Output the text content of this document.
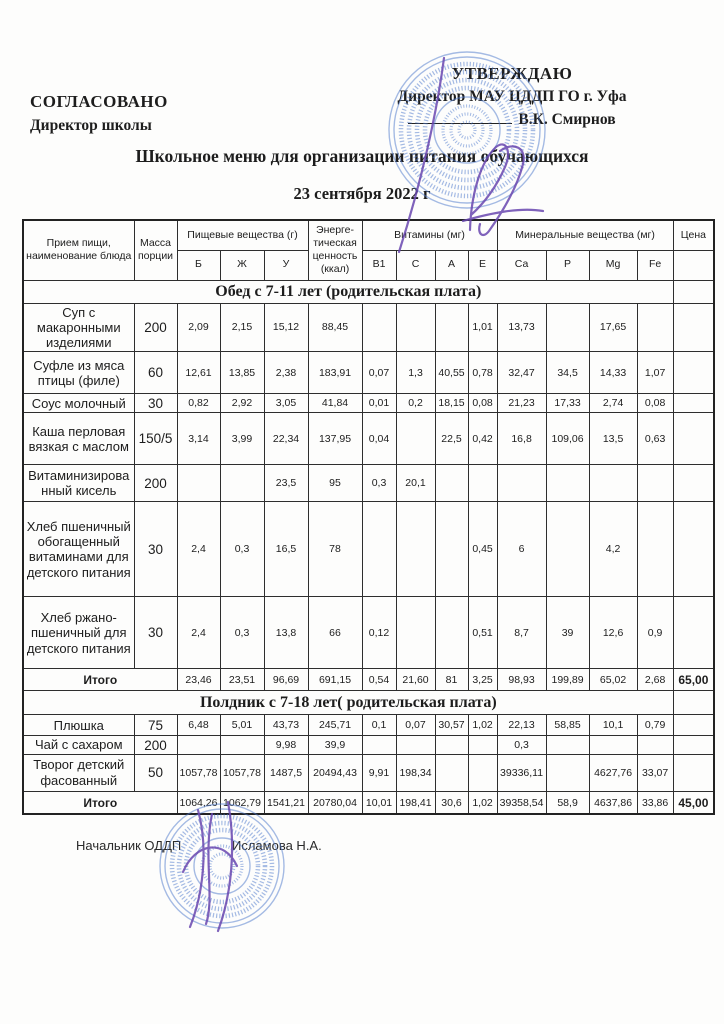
СОГЛАСОВАНО
Директор школы
УТВЕРЖДАЮ
Директор МАУ ЦДДП ГО г. Уфа
В.К. Смирнов
Школьное меню для организации питания обучающихся
23 сентября 2022 г
Прием пищи, наименование блюда	Масса порции	Пищевые вещества (г)			Энерге-тическая ценность (ккал)	Витамины (мг)				Минеральные вещества (мг)				Цена
		Б	Ж	У		В1	С	А	Е	Са	Р	Mg	Fe	
Обед с 7-11 лет (родительская плата)														
Суп с макаронными изделиями	200	2,09	2,15	15,12	88,45				1,01	13,73		17,65		
Суфле из мяса птицы (филе)	60	12,61	13,85	2,38	183,91	0,07	1,3	40,55	0,78	32,47	34,5	14,33	1,07	
Соус молочный	30	0,82	2,92	3,05	41,84	0,01	0,2	18,15	0,08	21,23	17,33	2,74	0,08	
Каша перловая вязкая с маслом	150/5	3,14	3,99	22,34	137,95	0,04		22,5	0,42	16,8	109,06	13,5	0,63	
Витаминизированный кисель	200			23,5	95	0,3	20,1							
Хлеб пшеничный обогащенный витаминами для детского питания	30	2,4	0,3	16,5	78				0,45	6		4,2		
Хлеб ржано-пшеничный для детского питания	30	2,4	0,3	13,8	66	0,12			0,51	8,7	39	12,6	0,9	
Итого		23,46	23,51	96,69	691,15	0,54	21,60	81	3,25	98,93	199,89	65,02	2,68	65,00
Полдник с 7-18 лет( родительская плата)														
Плюшка	75	6,48	5,01	43,73	245,71	0,1	0,07	30,57	1,02	22,13	58,85	10,1	0,79	
Чай с сахаром	200			9,98	39,9					0,3				
Творог детский фасованный	50	1057,78	1057,78	1487,5	20494,43	9,91	198,34			39336,11		4627,76	33,07	
Итого		1064,26	1062,79	1541,21	20780,04	10,01	198,41	30,6	1,02	39358,54	58,9	4637,86	33,86	45,00
Начальник ОДДП	Исламова Н.А.
